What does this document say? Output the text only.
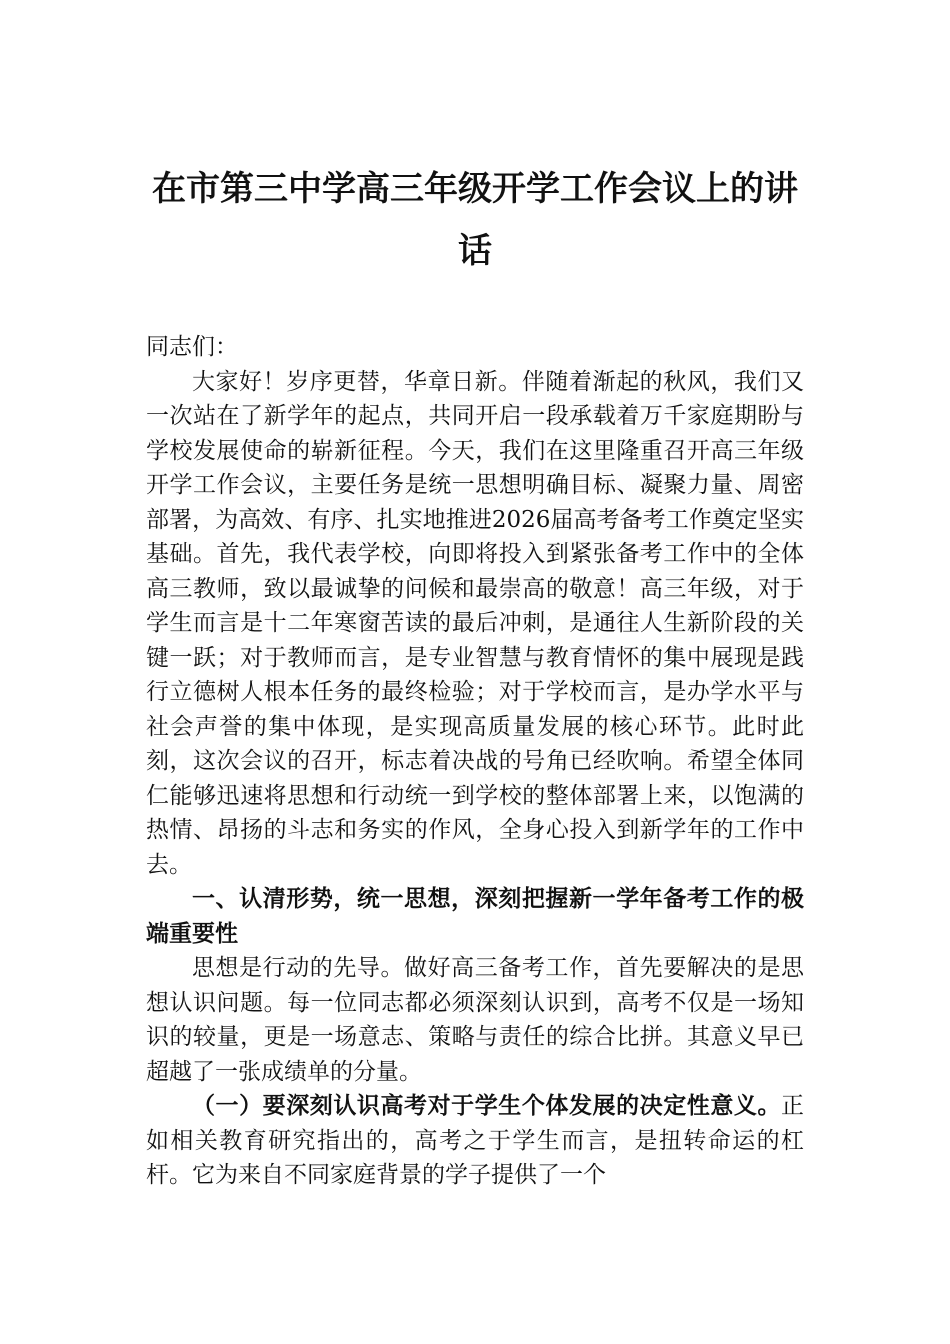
在市第三中学高三年级开学工作会议上的讲话

同志们：

大家好！岁序更替，华章日新。伴随着渐起的秋风，我们又一次站在了新学年的起点，共同开启一段承载着万千家庭期盼与学校发展使命的崭新征程。今天，我们在这里隆重召开高三年级开学工作会议，主要任务是统一思想明确目标、凝聚力量、周密部署，为高效、有序、扎实地推进2026届高考备考工作奠定坚实基础。首先，我代表学校，向即将投入到紧张备考工作中的全体高三教师，致以最诚挚的问候和最崇高的敬意！高三年级，对于学生而言是十二年寒窗苦读的最后冲刺，是通往人生新阶段的关键一跃；对于教师而言，是专业智慧与教育情怀的集中展现是践行立德树人根本任务的最终检验；对于学校而言，是办学水平与社会声誉的集中体现，是实现高质量发展的核心环节。此时此刻，这次会议的召开，标志着决战的号角已经吹响。希望全体同仁能够迅速将思想和行动统一到学校的整体部署上来，以饱满的热情、昂扬的斗志和务实的作风，全身心投入到新学年的工作中去。

一、认清形势，统一思想，深刻把握新一学年备考工作的极端重要性

思想是行动的先导。做好高三备考工作，首先要解决的是思想认识问题。每一位同志都必须深刻认识到，高考不仅是一场知识的较量，更是一场意志、策略与责任的综合比拼。其意义早已超越了一张成绩单的分量。

（一）要深刻认识高考对于学生个体发展的决定性意义。正如相关教育研究指出的，高考之于学生而言，是扭转命运的杠杆。它为来自不同家庭背景的学子提供了一个
